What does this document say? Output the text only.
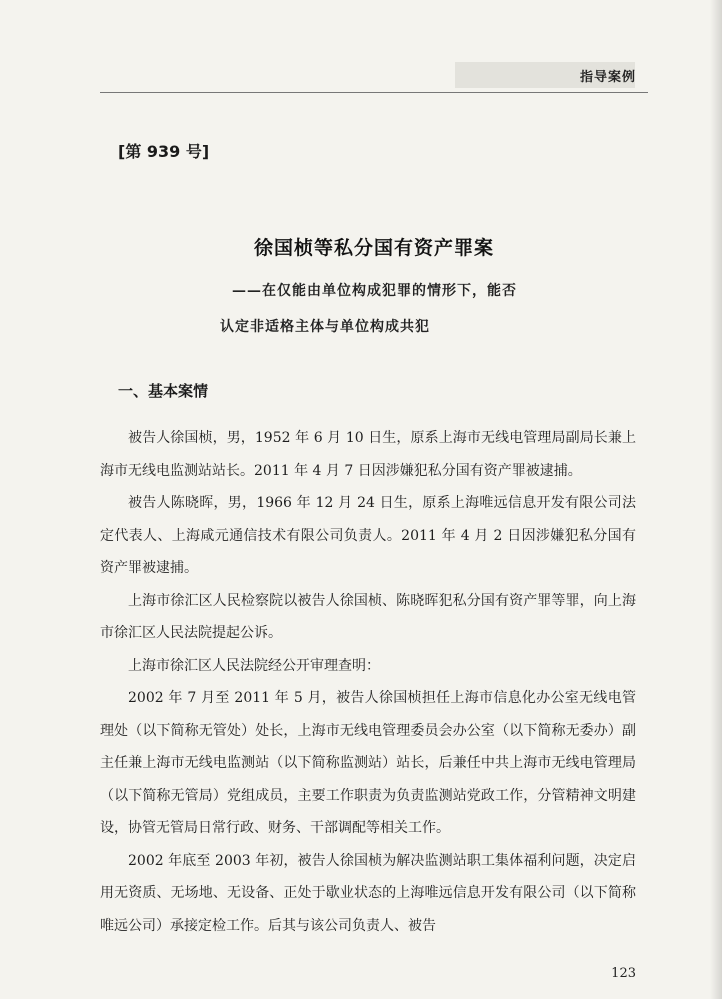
指导案例
[第 939 号]
徐国桢等私分国有资产罪案
——在仅能由单位构成犯罪的情形下，能否
认定非适格主体与单位构成共犯
一、基本案情

被告人徐国桢，男，1952 年 6 月 10 日生，原系上海市无线电管理局副局长兼上海市无线电监测站站长。2011 年 4 月 7 日因涉嫌犯私分国有资产罪被逮捕。

被告人陈晓晖，男，1966 年 12 月 24 日生，原系上海唯远信息开发有限公司法定代表人、上海咸元通信技术有限公司负责人。2011 年 4 月 2 日因涉嫌犯私分国有资产罪被逮捕。

上海市徐汇区人民检察院以被告人徐国桢、陈晓晖犯私分国有资产罪等罪，向上海市徐汇区人民法院提起公诉。

上海市徐汇区人民法院经公开审理查明：

2002 年 7 月至 2011 年 5 月，被告人徐国桢担任上海市信息化办公室无线电管理处（以下简称无管处）处长，上海市无线电管理委员会办公室（以下简称无委办）副主任兼上海市无线电监测站（以下简称监测站）站长，后兼任中共上海市无线电管理局（以下简称无管局）党组成员，主要工作职责为负责监测站党政工作，分管精神文明建设，协管无管局日常行政、财务、干部调配等相关工作。

2002 年底至 2003 年初，被告人徐国桢为解决监测站职工集体福利问题，决定启用无资质、无场地、无设备、正处于歇业状态的上海唯远信息开发有限公司（以下简称唯远公司）承接定检工作。后其与该公司负责人、被告

123
